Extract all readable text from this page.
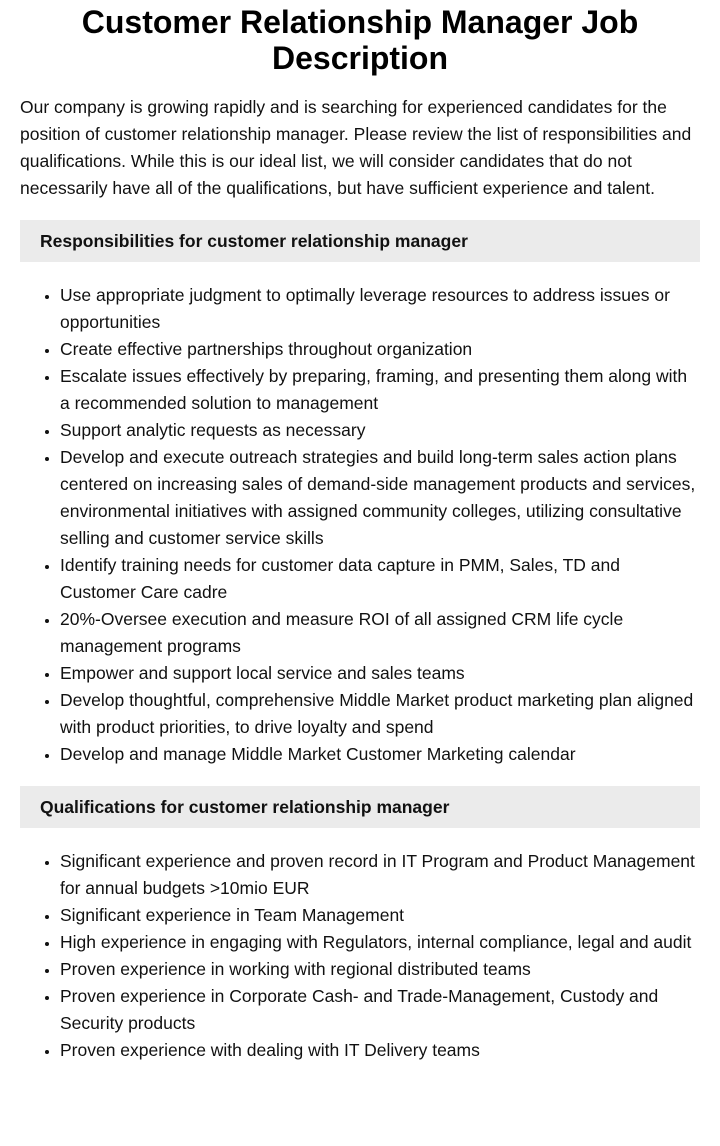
Customer Relationship Manager Job Description

Our company is growing rapidly and is searching for experienced candidates for the position of customer relationship manager. Please review the list of responsibilities and qualifications. While this is our ideal list, we will consider candidates that do not necessarily have all of the qualifications, but have sufficient experience and talent.

Responsibilities for customer relationship manager
• Use appropriate judgment to optimally leverage resources to address issues or opportunities
• Create effective partnerships throughout organization
• Escalate issues effectively by preparing, framing, and presenting them along with a recommended solution to management
• Support analytic requests as necessary
• Develop and execute outreach strategies and build long-term sales action plans centered on increasing sales of demand-side management products and services, environmental initiatives with assigned community colleges, utilizing consultative selling and customer service skills
• Identify training needs for customer data capture in PMM, Sales, TD and Customer Care cadre
• 20%-Oversee execution and measure ROI of all assigned CRM life cycle management programs
• Empower and support local service and sales teams
• Develop thoughtful, comprehensive Middle Market product marketing plan aligned with product priorities, to drive loyalty and spend
• Develop and manage Middle Market Customer Marketing calendar
Qualifications for customer relationship manager
• Significant experience and proven record in IT Program and Product Management for annual budgets >10mio EUR
• Significant experience in Team Management
• High experience in engaging with Regulators, internal compliance, legal and audit
• Proven experience in working with regional distributed teams
• Proven experience in Corporate Cash- and Trade-Management, Custody and Security products
• Proven experience with dealing with IT Delivery teams
